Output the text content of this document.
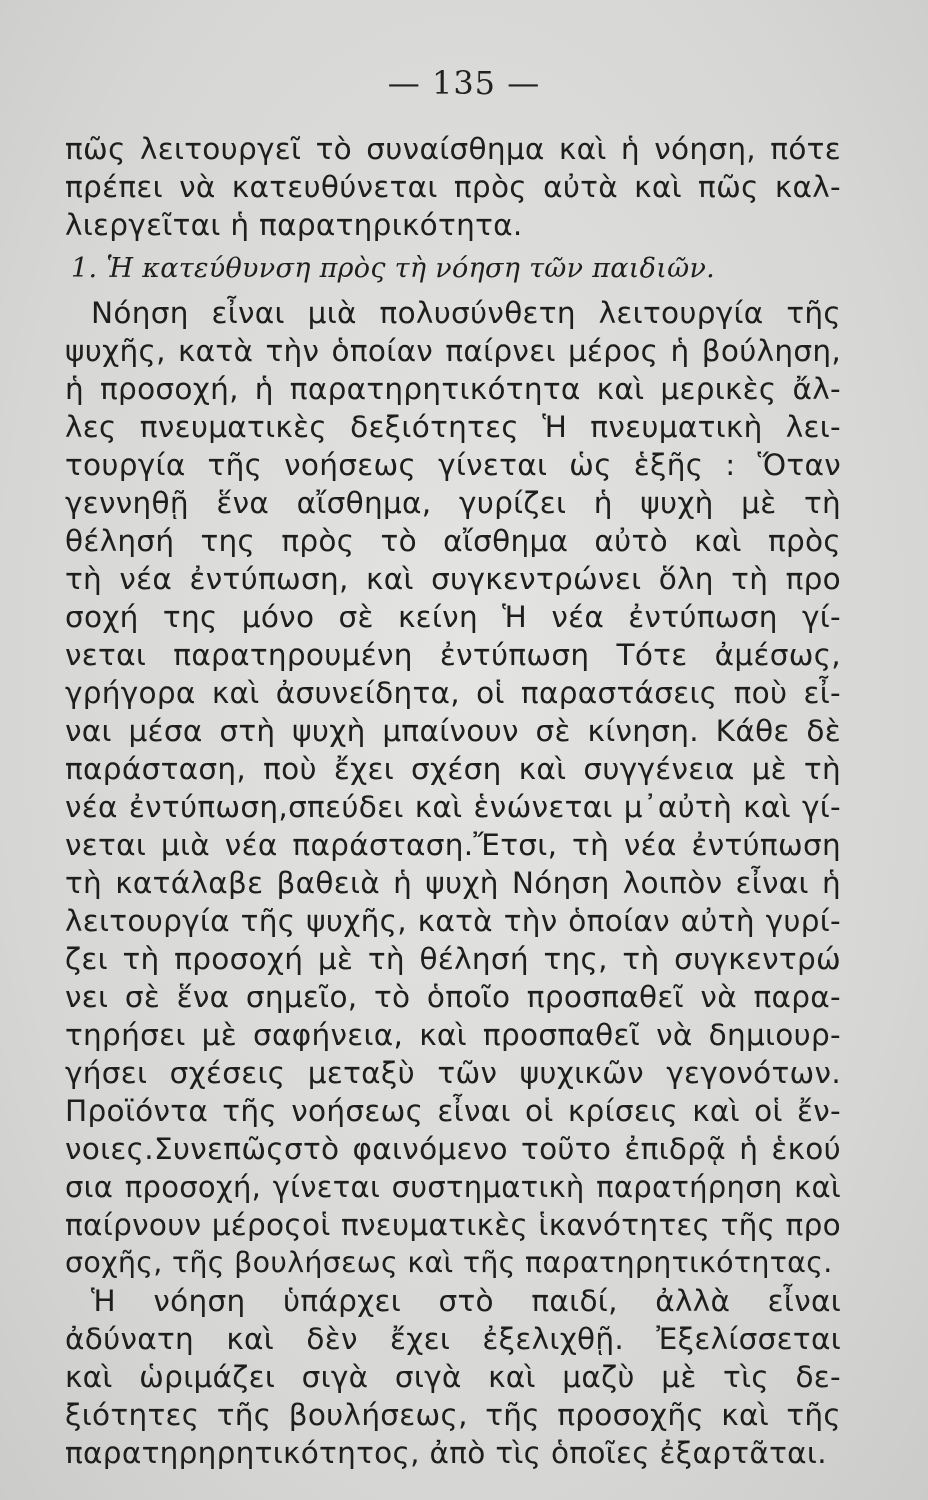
— 135 —
πῶς λειτουργεῖ τὸ συναίσθημα καὶ ἡ νόηση, πότε
πρέπει νὰ κατευθύνεται πρὸς αὐτὰ καὶ πῶς καλ-
λιεργεῖται ἡ παρατηρικότητα.
1. Ἡ κατεύθυνση πρὸς τὴ νόηση τῶν παιδιῶν.
Νόηση εἶναι μιὰ πολυσύνθετη λειτουργία τῆς
ψυχῆς, κατὰ τὴν ὁποίαν παίρνει μέρος ἡ βούληση,
ἡ προσοχή, ἡ παρατηρητικότητα καὶ μερικὲς ἄλ-
λες πνευματικὲς δεξιότητες Ἡ πνευματικὴ λει-
τουργία τῆς νοήσεως γίνεται ὡς ἑξῆς : Ὅταν
γεννηθῇ ἕνα αἴσθημα, γυρίζει ἡ ψυχὴ μὲ τὴ
θέλησή της πρὸς τὸ αἴσθημα αὐτὸ καὶ πρὸς
τὴ νέα ἐντύπωση, καὶ συγκεντρώνει ὅλη τὴ προ
σοχή της μόνο σὲ κείνη Ἡ νέα ἐντύπωση γί-
νεται παρατηρουμένη ἐντύπωση Τότε ἀμέσως,
γρήγορα καὶ ἀσυνείδητα, οἱ παραστάσεις ποὺ εἶ-
ναι μέσα στὴ ψυχὴ μπαίνουν σὲ κίνηση. Κάθε δὲ
παράσταση, ποὺ ἔχει σχέση καὶ συγγένεια μὲ τὴ
νέα ἐντύπωση,σπεύδει καὶ ἑνώνεται μ᾿αὐτὴ καὶ γί-
νεται μιὰ νέα παράσταση.Ἔτσι, τὴ νέα ἐντύπωση
τὴ κατάλαβε βαθειὰ ἡ ψυχὴ Νόηση λοιπὸν εἶναι ἡ
λειτουργία τῆς ψυχῆς, κατὰ τὴν ὁποίαν αὐτὴ γυρί-
ζει τὴ προσοχή μὲ τὴ θέλησή της, τὴ συγκεντρώ
νει σὲ ἕνα σημεῖο, τὸ ὁποῖο προσπαθεῖ νὰ παρα-
τηρήσει μὲ σαφήνεια, καὶ προσπαθεῖ νὰ δημιουρ-
γήσει σχέσεις μεταξὺ τῶν ψυχικῶν γεγονότων.
Προϊόντα τῆς νοήσεως εἶναι οἱ κρίσεις καὶ οἱ ἔν-
νοιες.Συνεπῶςστὸ φαινόμενο τοῦτο ἐπιδρᾷ ἡ ἑκού
σια προσοχή, γίνεται συστηματικὴ παρατήρηση καὶ
παίρνουν μέροςοἱ πνευματικὲς ἱκανότητες τῆς προ
σοχῆς, τῆς βουλήσεως καὶ τῆς παρατηρητικότητας.
Ἡ νόηση ὑπάρχει στὸ παιδί, ἀλλὰ εἶναι
ἀδύνατη καὶ δὲν ἔχει ἐξελιχθῇ. Ἐξελίσσεται
καὶ ὡριμάζει σιγὰ σιγὰ καὶ μαζὺ μὲ τὶς δε-
ξιότητες τῆς βουλήσεως, τῆς προσοχῆς καὶ τῆς
παρατηρηρητικότητος, ἀπὸ τὶς ὁποῖες ἐξαρτᾶται.
